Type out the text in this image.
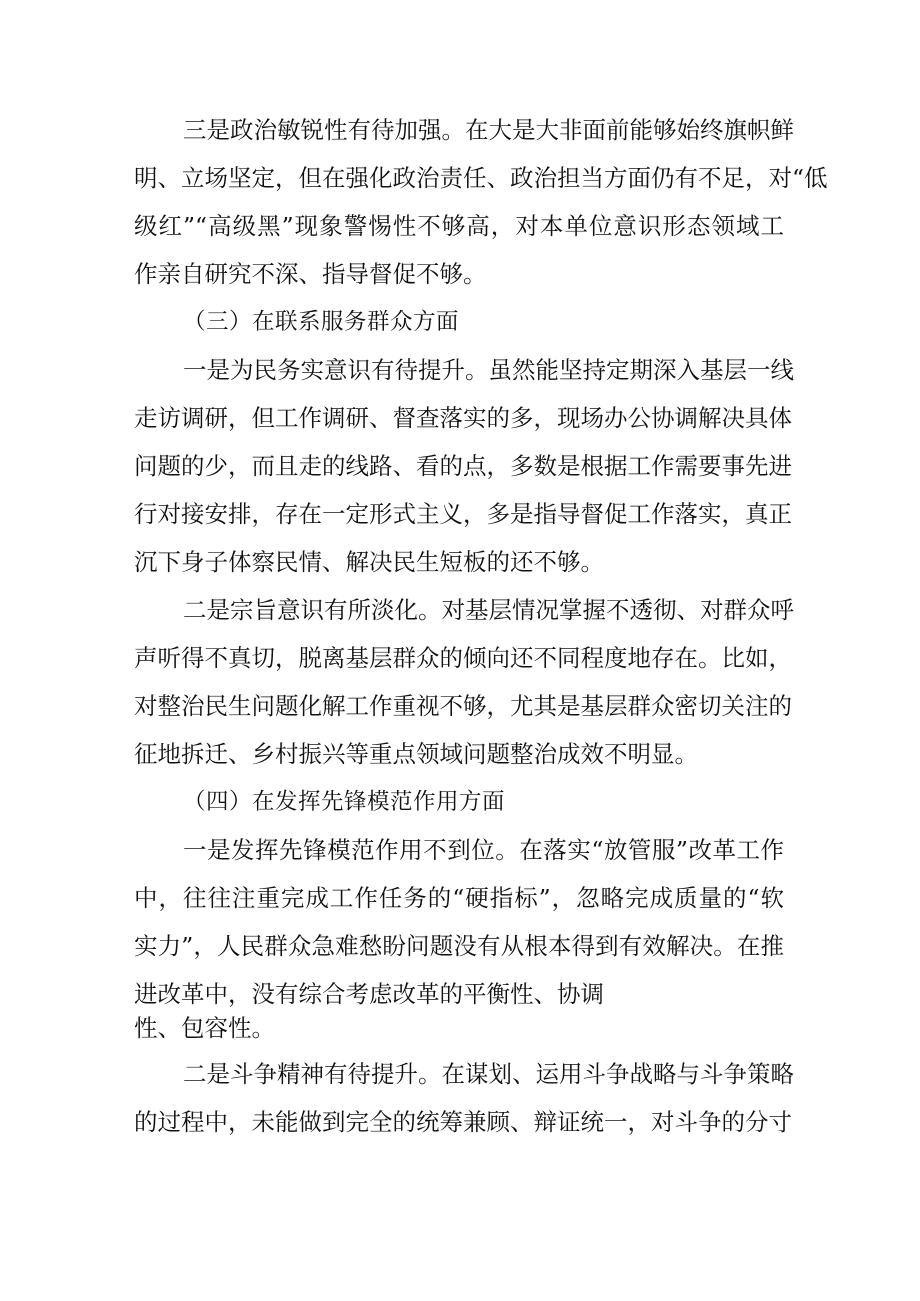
三是政治敏锐性有待加强。在大是大非面前能够始终旗帜鲜
明、立场坚定，但在强化政治责任、政治担当方面仍有不足，对“低
级红”“高级黑”现象警惕性不够高，对本单位意识形态领域工
作亲自研究不深、指导督促不够。
（三）在联系服务群众方面
一是为民务实意识有待提升。虽然能坚持定期深入基层一线
走访调研，但工作调研、督查落实的多，现场办公协调解决具体
问题的少，而且走的线路、看的点，多数是根据工作需要事先进
行对接安排，存在一定形式主义，多是指导督促工作落实，真正
沉下身子体察民情、解决民生短板的还不够。
二是宗旨意识有所淡化。对基层情况掌握不透彻、对群众呼
声听得不真切，脱离基层群众的倾向还不同程度地存在。比如，
对整治民生问题化解工作重视不够，尤其是基层群众密切关注的
征地拆迁、乡村振兴等重点领域问题整治成效不明显。
（四）在发挥先锋模范作用方面
一是发挥先锋模范作用不到位。在落实“放管服”改革工作
中，往往注重完成工作任务的“硬指标”，忽略完成质量的“软
实力”，人民群众急难愁盼问题没有从根本得到有效解决。在推
进改革中，没有综合考虑改革的平衡性、协调
性、包容性。
二是斗争精神有待提升。在谋划、运用斗争战略与斗争策略
的过程中，未能做到完全的统筹兼顾、辩证统一，对斗争的分寸
